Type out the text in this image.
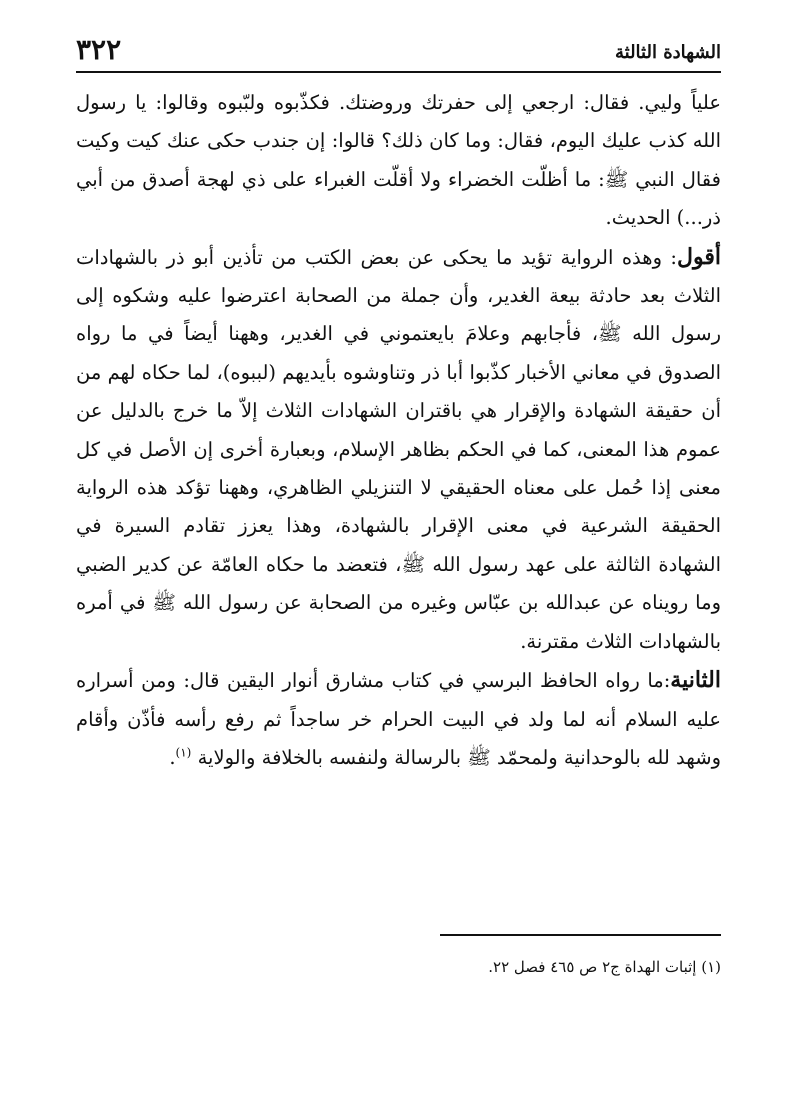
الشهادة الثالثة
٣٢٢

علياً وليي. فقال: ارجعي إلى حفرتك وروضتك. فكذّبوه ولبّبوه وقالوا: يا رسول الله كذب عليك اليوم، فقال: وما كان ذلك؟ قالوا: إن جندب حكى عنك كيت وكيت فقال النبي ﷺ: ما أظلّت الخضراء ولا أقلّت الغبراء على ذي لهجة أصدق من أبي ذر...) الحديث.

أقول: وهذه الرواية تؤيد ما يحكى عن بعض الكتب من تأذين أبو ذر بالشهادات الثلاث بعد حادثة بيعة الغدير، وأن جملة من الصحابة اعترضوا عليه وشكوه إلى رسول الله ﷺ، فأجابهم وعلامَ بايعتموني في الغدير، وههنا أيضاً في ما رواه الصدوق في معاني الأخبار كذّبوا أبا ذر وتناوشوه بأيديهم (لببوه)، لما حكاه لهم من أن حقيقة الشهادة والإقرار هي باقتران الشهادات الثلاث إلاّ ما خرج بالدليل عن عموم هذا المعنى، كما في الحكم بظاهر الإسلام، وبعبارة أخرى إن الأصل في كل معنى إذا حُمل على معناه الحقيقي لا التنزيلي الظاهري، وههنا تؤكد هذه الرواية الحقيقة الشرعية في معنى الإقرار بالشهادة، وهذا يعزز تقادم السيرة في الشهادة الثالثة على عهد رسول الله ﷺ، فتعضد ما حكاه العامّة عن كدير الضبي وما رويناه عن عبدالله بن عبّاس وغيره من الصحابة عن رسول الله ﷺ في أمره بالشهادات الثلاث مقترنة.

الثانية:ما رواه الحافظ البرسي في كتاب مشارق أنوار اليقين قال: ومن أسراره عليه السلام أنه لما ولد في البيت الحرام خر ساجداً ثم رفع رأسه فأذّن وأقام وشهد لله بالوحدانية ولمحمّد ﷺ بالرسالة ولنفسه بالخلافة والولاية $^{(١)}$.

(١) إثبات الهداة ج٢ ص ٤٦٥ فصل ٢٢.
